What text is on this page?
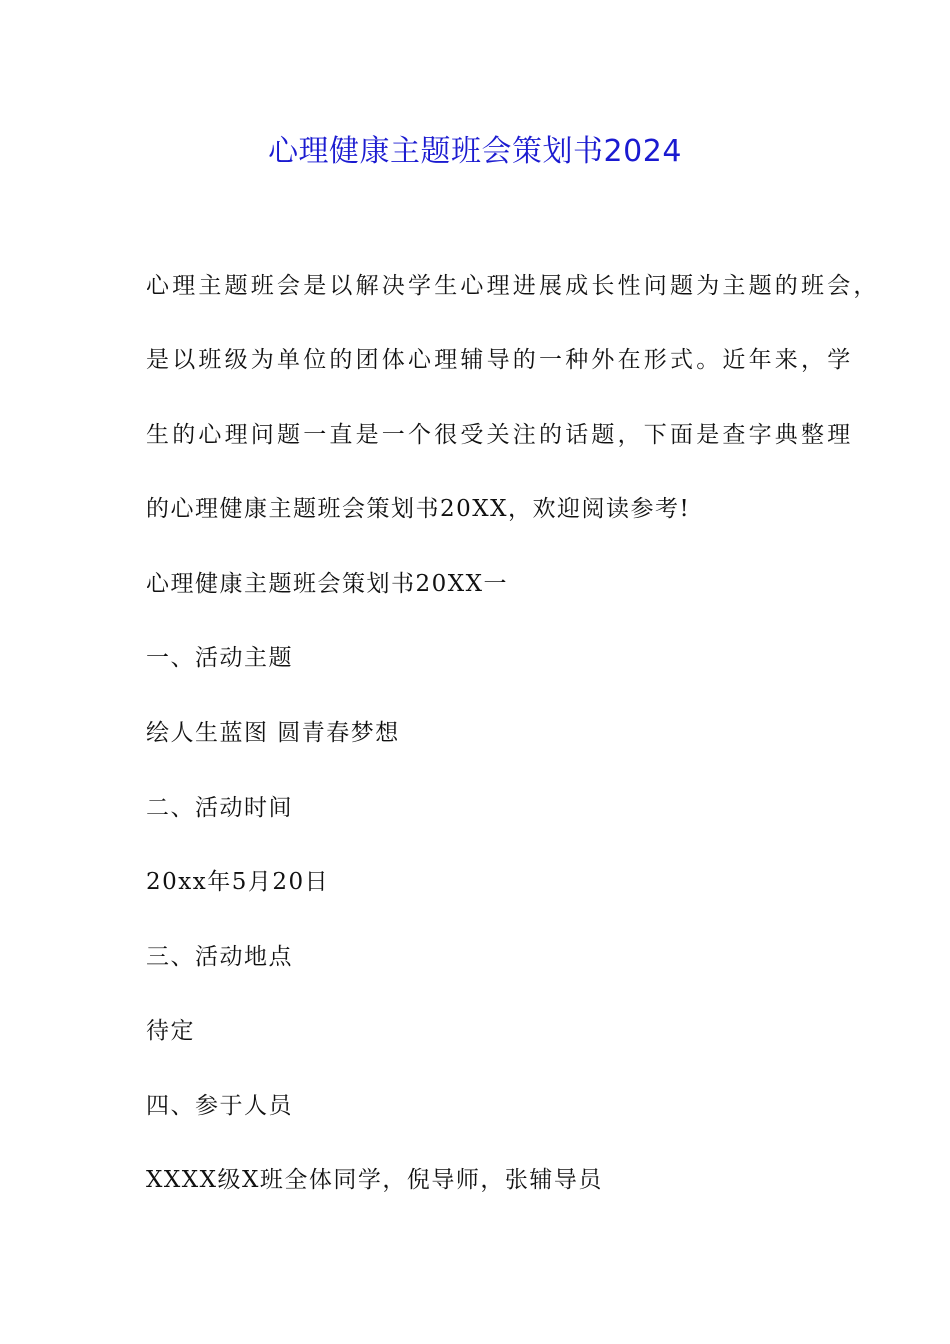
心理健康主题班会策划书2024
心理主题班会是以解决学生心理进展成长性问题为主题的班会，
是以班级为单位的团体心理辅导的一种外在形式。近年来，学
生的心理问题一直是一个很受关注的话题，下面是查字典整理
的心理健康主题班会策划书20XX，欢迎阅读参考!
心理健康主题班会策划书20XX一
一、活动主题
绘人生蓝图 圆青春梦想
二、活动时间
20xx年5月20日
三、活动地点
待定
四、参于人员
XXXX级X班全体同学，倪导师，张辅导员
